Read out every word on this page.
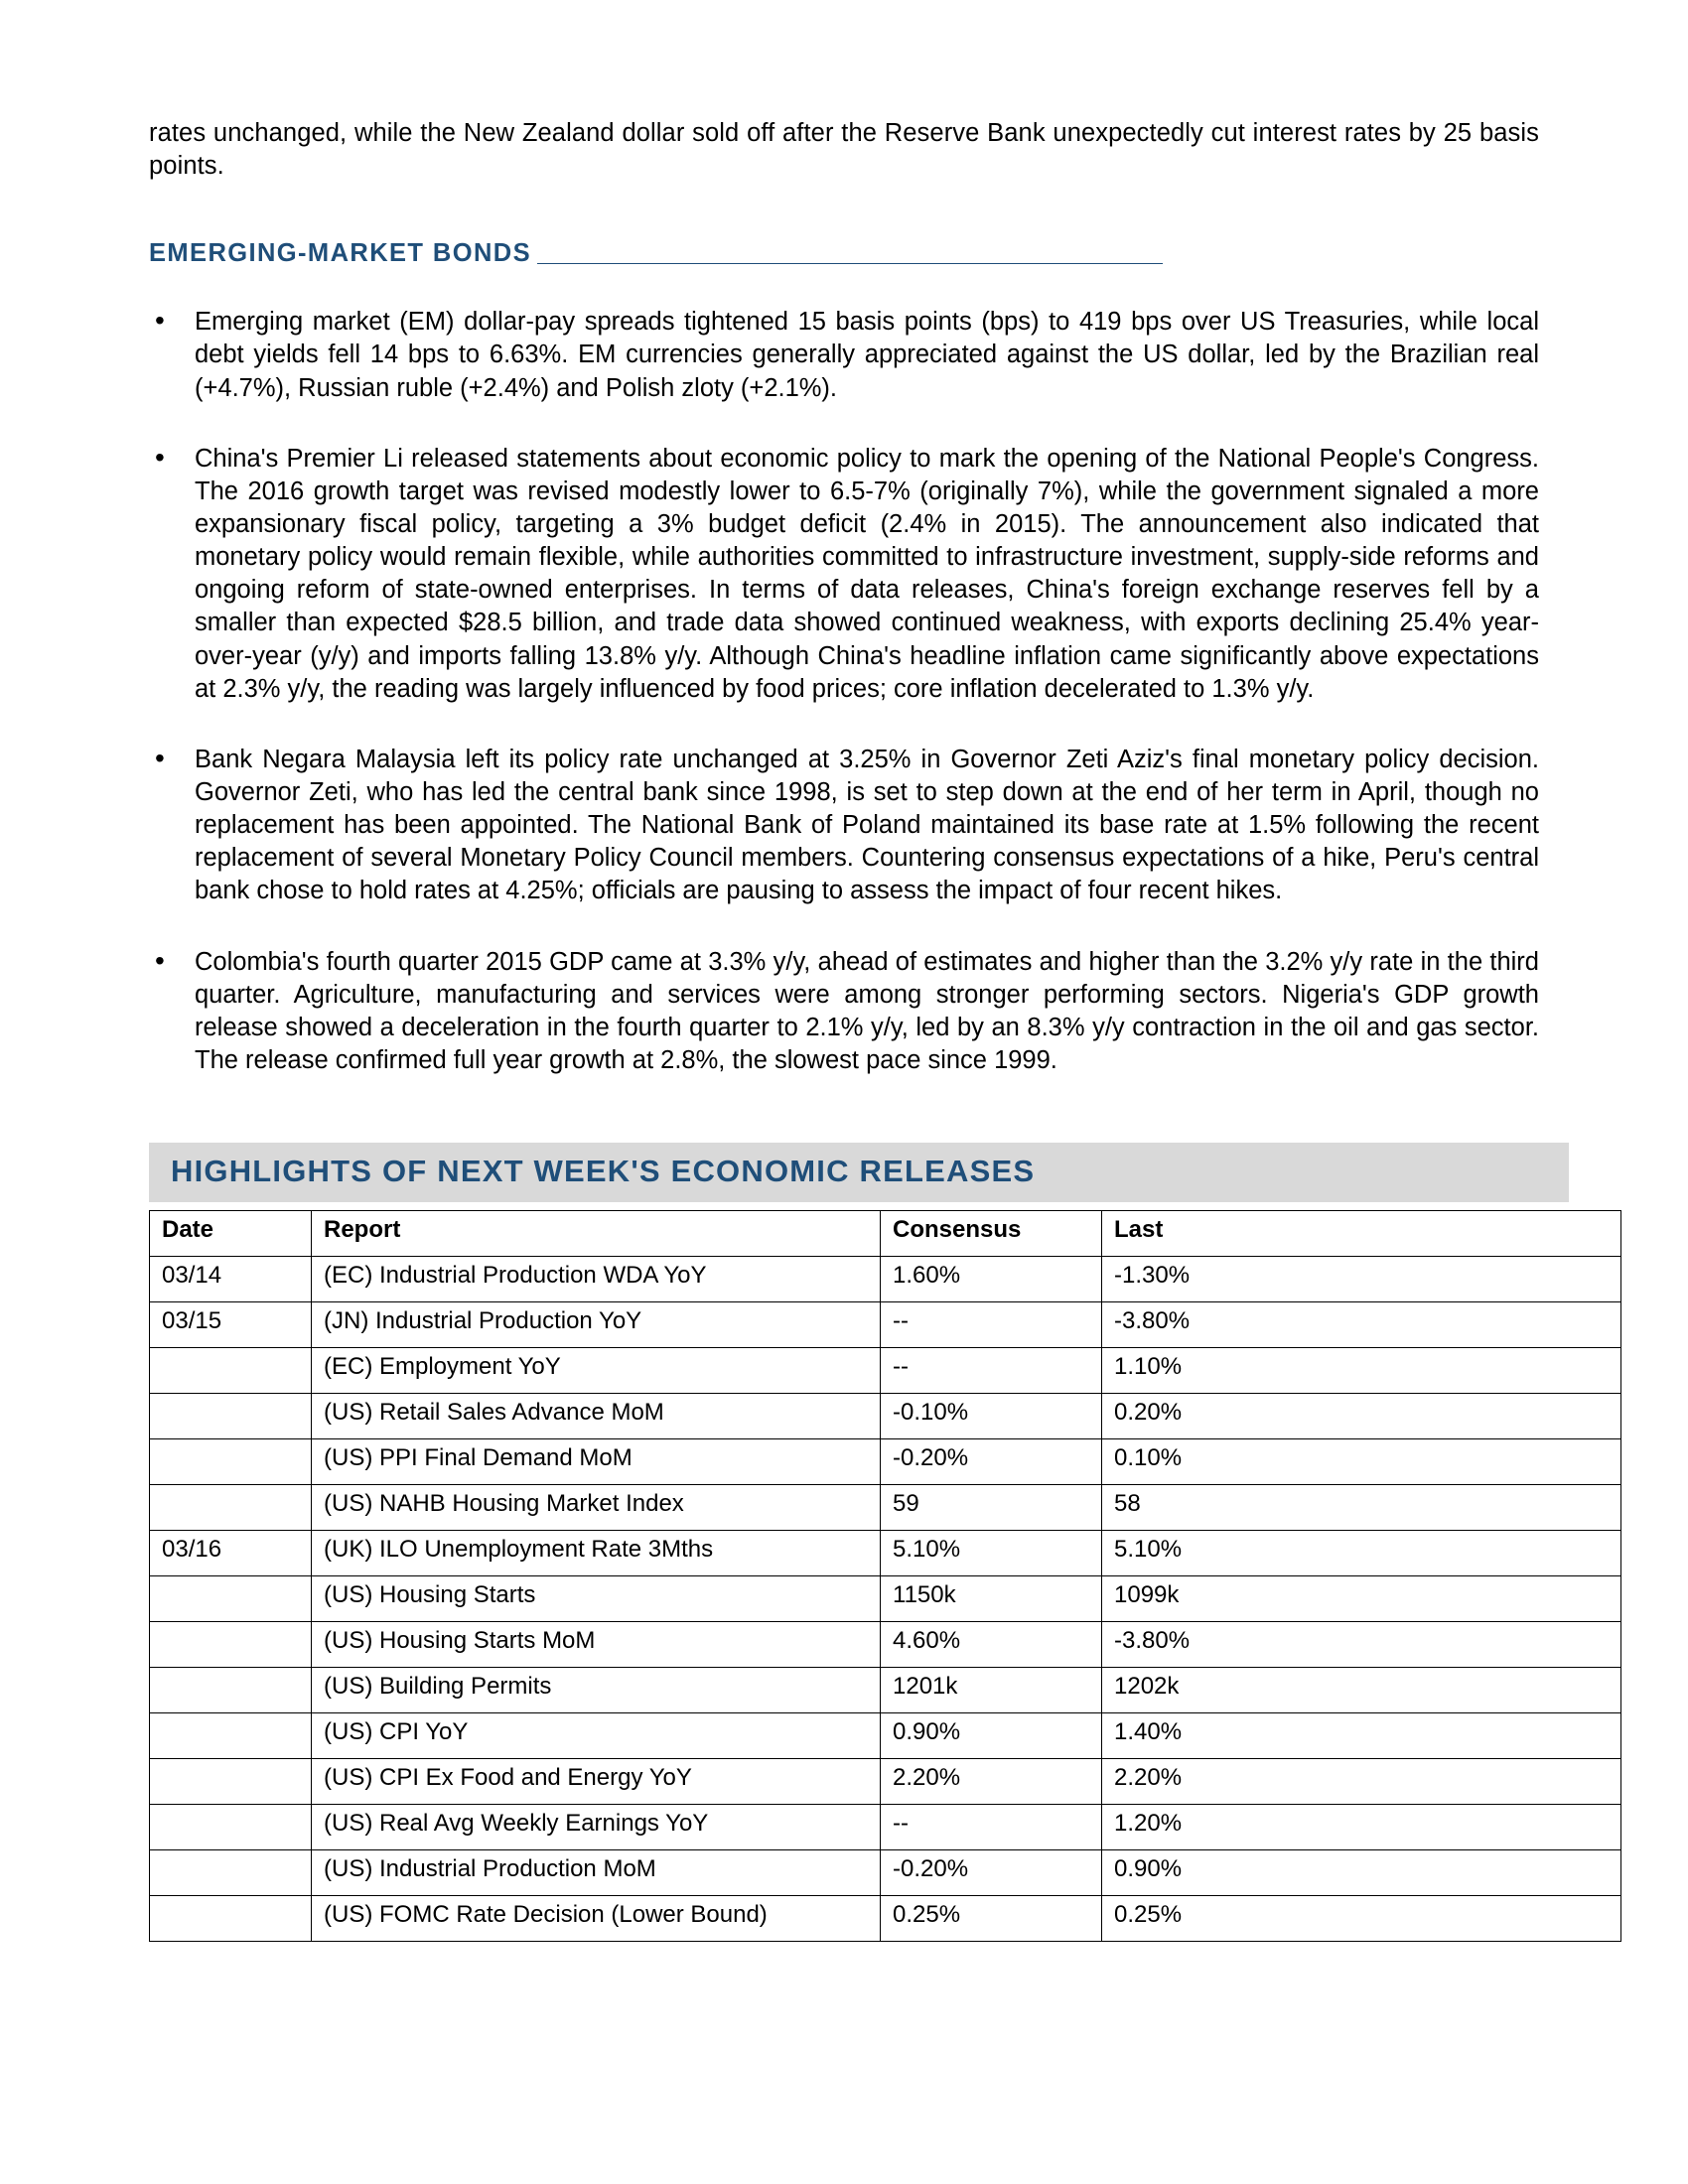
rates unchanged, while the New Zealand dollar sold off after the Reserve Bank unexpectedly cut interest rates by 25 basis points.

EMERGING-MARKET BONDS ______________________________________________
• Emerging market (EM) dollar-pay spreads tightened 15 basis points (bps) to 419 bps over US Treasuries, while local debt yields fell 14 bps to 6.63%. EM currencies generally appreciated against the US dollar, led by the Brazilian real (+4.7%), Russian ruble (+2.4%) and Polish zloty (+2.1%).
• China's Premier Li released statements about economic policy to mark the opening of the National People's Congress. The 2016 growth target was revised modestly lower to 6.5-7% (originally 7%), while the government signaled a more expansionary fiscal policy, targeting a 3% budget deficit (2.4% in 2015). The announcement also indicated that monetary policy would remain flexible, while authorities committed to infrastructure investment, supply-side reforms and ongoing reform of state-owned enterprises. In terms of data releases, China's foreign exchange reserves fell by a smaller than expected $28.5 billion, and trade data showed continued weakness, with exports declining 25.4% year-over-year (y/y) and imports falling 13.8% y/y. Although China's headline inflation came significantly above expectations at 2.3% y/y, the reading was largely influenced by food prices; core inflation decelerated to 1.3% y/y.
• Bank Negara Malaysia left its policy rate unchanged at 3.25% in Governor Zeti Aziz's final monetary policy decision. Governor Zeti, who has led the central bank since 1998, is set to step down at the end of her term in April, though no replacement has been appointed. The National Bank of Poland maintained its base rate at 1.5% following the recent replacement of several Monetary Policy Council members. Countering consensus expectations of a hike, Peru's central bank chose to hold rates at 4.25%; officials are pausing to assess the impact of four recent hikes.
• Colombia's fourth quarter 2015 GDP came at 3.3% y/y, ahead of estimates and higher than the 3.2% y/y rate in the third quarter. Agriculture, manufacturing and services were among stronger performing sectors. Nigeria's GDP growth release showed a deceleration in the fourth quarter to 2.1% y/y, led by an 8.3% y/y contraction in the oil and gas sector. The release confirmed full year growth at 2.8%, the slowest pace since 1999.
HIGHLIGHTS OF NEXT WEEK'S ECONOMIC RELEASES
Date	Report	Consensus	Last
03/14	(EC) Industrial Production WDA YoY	1.60%	-1.30%
03/15	(JN) Industrial Production YoY	--	-3.80%
	(EC) Employment YoY	--	1.10%
	(US) Retail Sales Advance MoM	-0.10%	0.20%
	(US) PPI Final Demand MoM	-0.20%	0.10%
	(US) NAHB Housing Market Index	59	58
03/16	(UK) ILO Unemployment Rate 3Mths	5.10%	5.10%
	(US) Housing Starts	1150k	1099k
	(US) Housing Starts MoM	4.60%	-3.80%
	(US) Building Permits	1201k	1202k
	(US) CPI YoY	0.90%	1.40%
	(US) CPI Ex Food and Energy YoY	2.20%	2.20%
	(US) Real Avg Weekly Earnings YoY	--	1.20%
	(US) Industrial Production MoM	-0.20%	0.90%
	(US) FOMC Rate Decision (Lower Bound)	0.25%	0.25%
